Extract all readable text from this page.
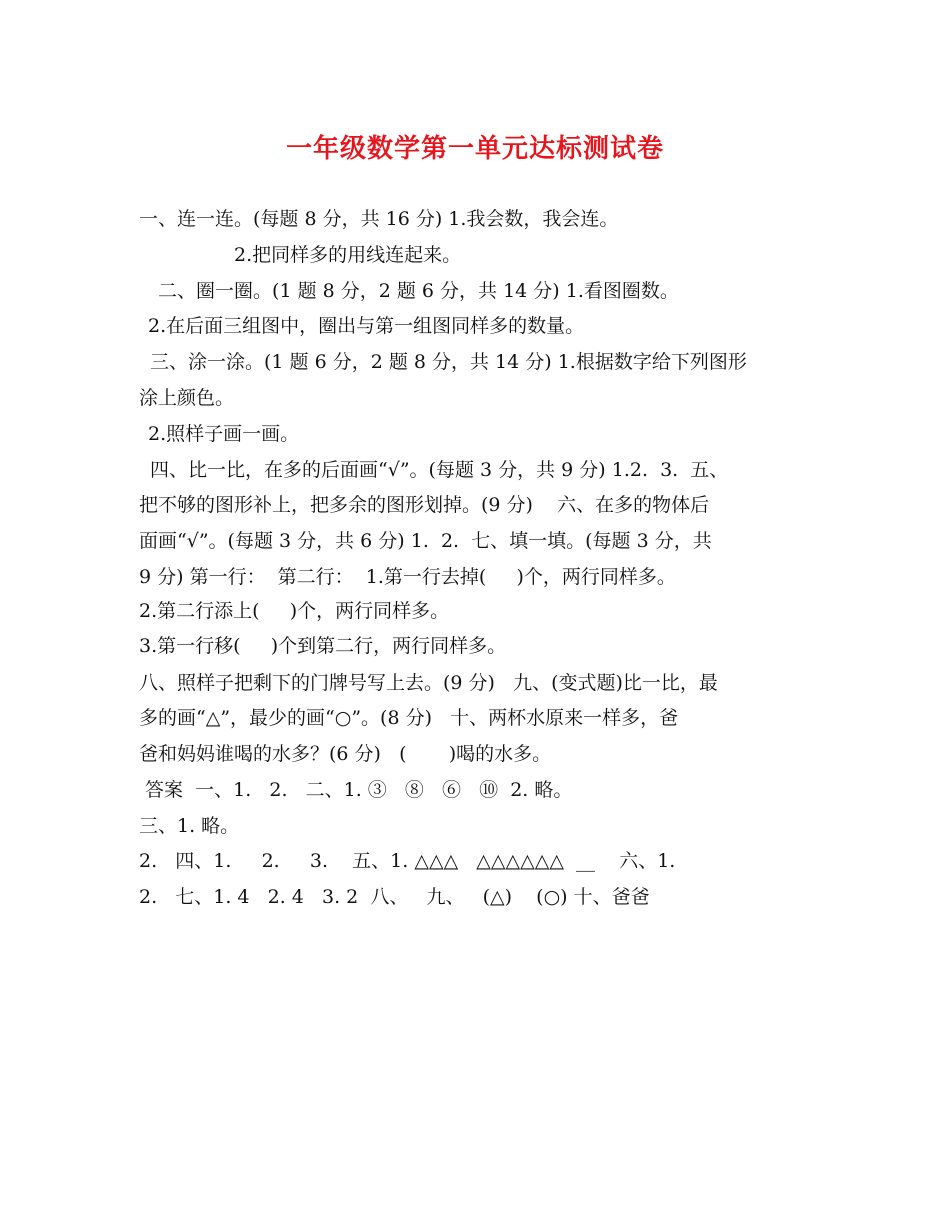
一年级数学第一单元达标测试卷
一、连一连。(每题 8 分，共 16 分) 1.我会数，我会连。
2.把同样多的用线连起来。
二、圈一圈。(1 题 8 分，2 题 6 分，共 14 分) 1.看图圈数。
2.在后面三组图中，圈出与第一组图同样多的数量。
三、涂一涂。(1 题 6 分，2 题 8 分，共 14 分) 1.根据数字给下列图形
涂上颜色。
2.照样子画一画。
四、比一比，在多的后面画“√”。(每题 3 分，共 9 分) 1.2.  3.  五、
把不够的图形补上，把多余的图形划掉。(9 分)    六、在多的物体后
面画“√”。(每题 3 分，共 6 分) 1.  2.  七、填一填。(每题 3 分，共
9 分) 第一行：  第二行：  1.第一行去掉(     )个，两行同样多。
2.第二行添上(     )个，两行同样多。
3.第一行移(     )个到第二行，两行同样多。
八、照样子把剩下的门牌号写上去。(9 分)   九、(变式题)比一比，最
多的画“△”，最少的画“○”。(8 分)   十、两杯水原来一样多，爸
爸和妈妈谁喝的水多？(6 分)   (       )喝的水多。
答案  一、1.   2.   二、1. ③   ⑧   ⑥   ⑩  2. 略。
三、1. 略。
2.   四、1.     2.     3.    五、1. △△△   △△△△△△  __    六、1.
2.   七、1. 4   2. 4   3. 2  八、   九、   (△)    (○) 十、爸爸
